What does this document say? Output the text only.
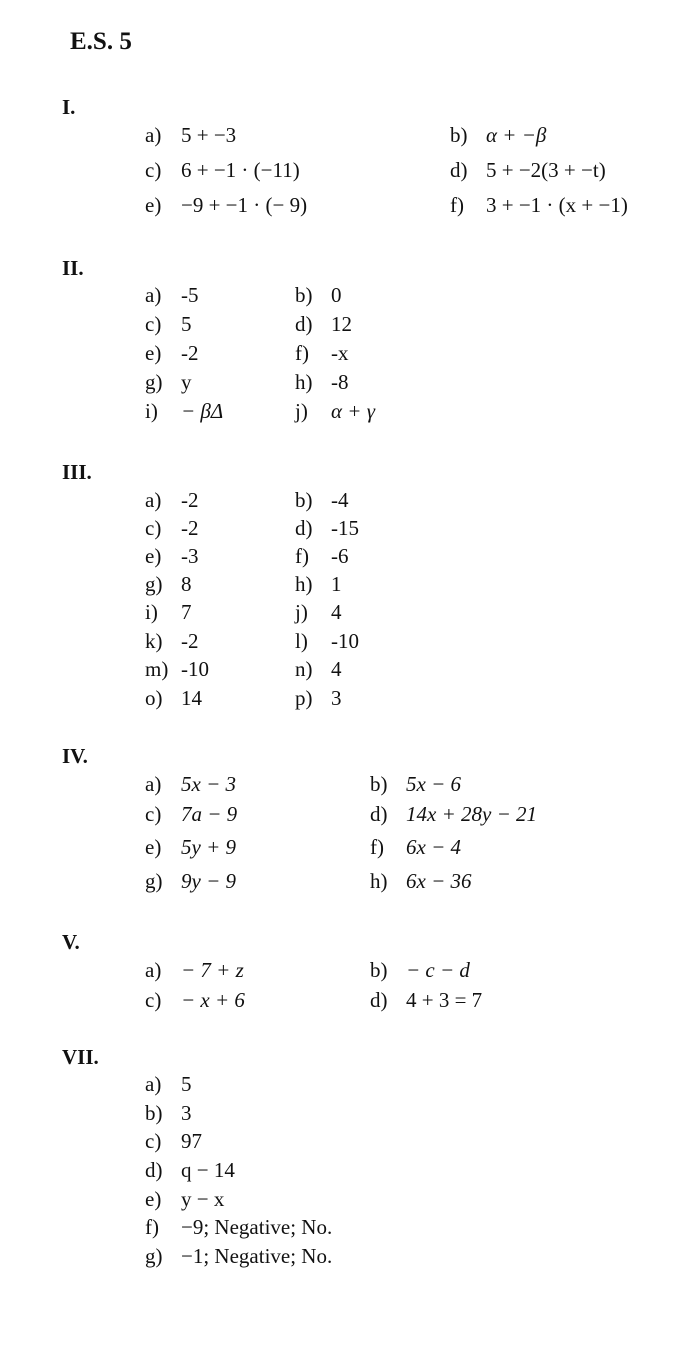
E.S. 5
I.
a) 5 + −3	b) α + −β
c) 6 + −1 · (−11)	d) 5 + −2(3 + −t)
e) −9 + −1 · (− 9)	f) 3 + −1 · (x + −1)
II.
a) -5	b) 0
c) 5	d) 12
e) -2	f) -x
g) y	h) -8
i) − βΔ	j) α + γ
III.
a) -2	b) -4
c) -2	d) -15
e) -3	f) -6
g) 8	h) 1
i) 7	j) 4
k) -2	l) -10
m) -10	n) 4
o) 14	p) 3
IV.
a) 5x − 3	b) 5x − 6
c) 7a − 9	d) 14x + 28y − 21
e) 5y + 9	f) 6x − 4
g) 9y − 9	h) 6x − 36
V.
a) − 7 + z	b) − c − d
c) − x + 6	d) 4 + 3 = 7
VII.
a) 5
b) 3
c) 97
d) q − 14
e) y − x
f) −9; Negative; No.
g) −1; Negative; No.
